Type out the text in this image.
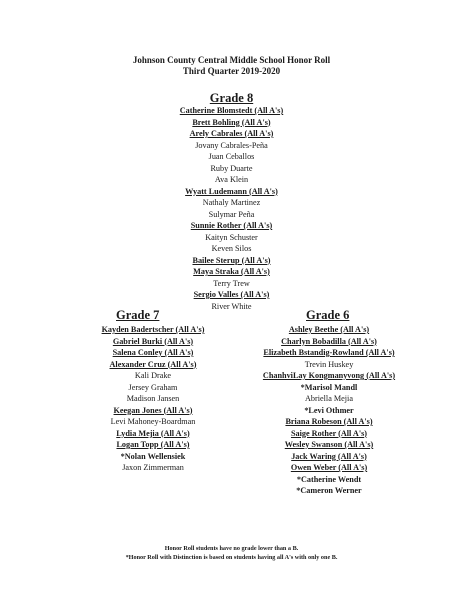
Johnson County Central Middle School Honor Roll
Third Quarter 2019-2020
Grade 8
Catherine Blomstedt (All A's)
Brett Bohling (All A's)
Arely Cabrales (All A's)
Jovany Cabrales-Peña
Juan Ceballos
Ruby Duarte
Ava Klein
Wyatt Ludemann (All A's)
Nathaly Martinez
Sulymar Peña
Sunnie Rother (All A's)
Kaityn Schuster
Keven Silos
Bailee Sterup (All A's)
Maya Straka (All A's)
Terry Trew
Sergio Valles (All A's)
River White
Grade 7
Kayden Badertscher (All A's)
Gabriel Burki (All A's)
Salena Conley (All A's)
Alexander Cruz (All A's)
Kali Drake
Jersey Graham
Madison Jansen
Keegan Jones (All A's)
Levi Mahoney-Boardman
Lydia Mejia (All A's)
Logan Topp (All A's)
*Nolan Wellensiek
Jaxon Zimmerman
Grade 6
Ashley Beethe (All A's)
Charlyn Bobadilla (All A's)
Elizabeth Bstandig-Rowland (All A's)
Trevin Huskey
ChanhviLay Kongmanyvong (All A's)
*Marisol Mandl
Abriella Mejia
*Levi Othmer
Briana Robeson (All A's)
Saige Rother (All A's)
Wesley Swanson (All A's)
Jack Waring (All A's)
Owen Weber (All A's)
*Catherine Wendt
*Cameron Werner
Honor Roll students have no grade lower than a B.
*Honor Roll with Distinction is based on students having all A's with only one B.
